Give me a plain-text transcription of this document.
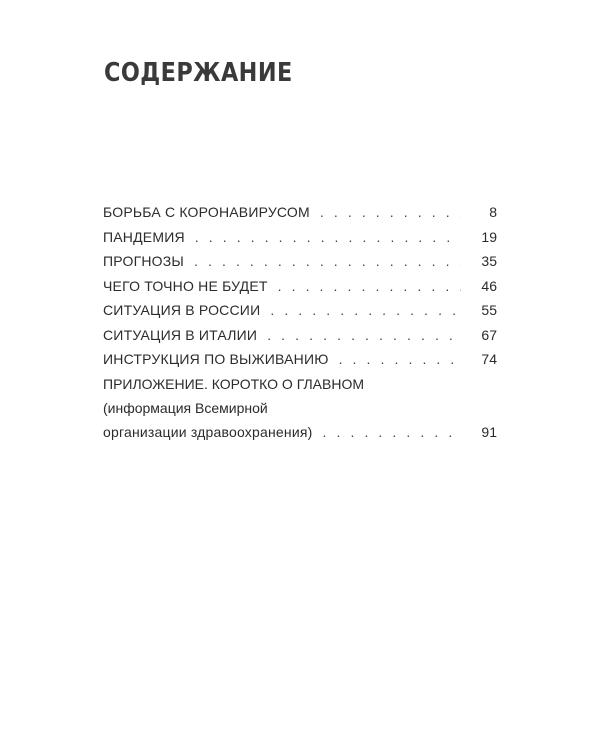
СОДЕРЖАНИЕ
БОРЬБА С КОРОНАВИРУСОМ . . .	8
ПАНДЕМИЯ . . .	19
ПРОГНОЗЫ . . .	35
ЧЕГО ТОЧНО НЕ БУДЕТ . . .	46
СИТУАЦИЯ В РОССИИ . . .	55
СИТУАЦИЯ В ИТАЛИИ . . .	67
ИНСТРУКЦИЯ ПО ВЫЖИВАНИЮ . . .	74
ПРИЛОЖЕНИЕ. КОРОТКО О ГЛАВНОМ
(информация Всемирной
организации здравоохранения) . . .	91
